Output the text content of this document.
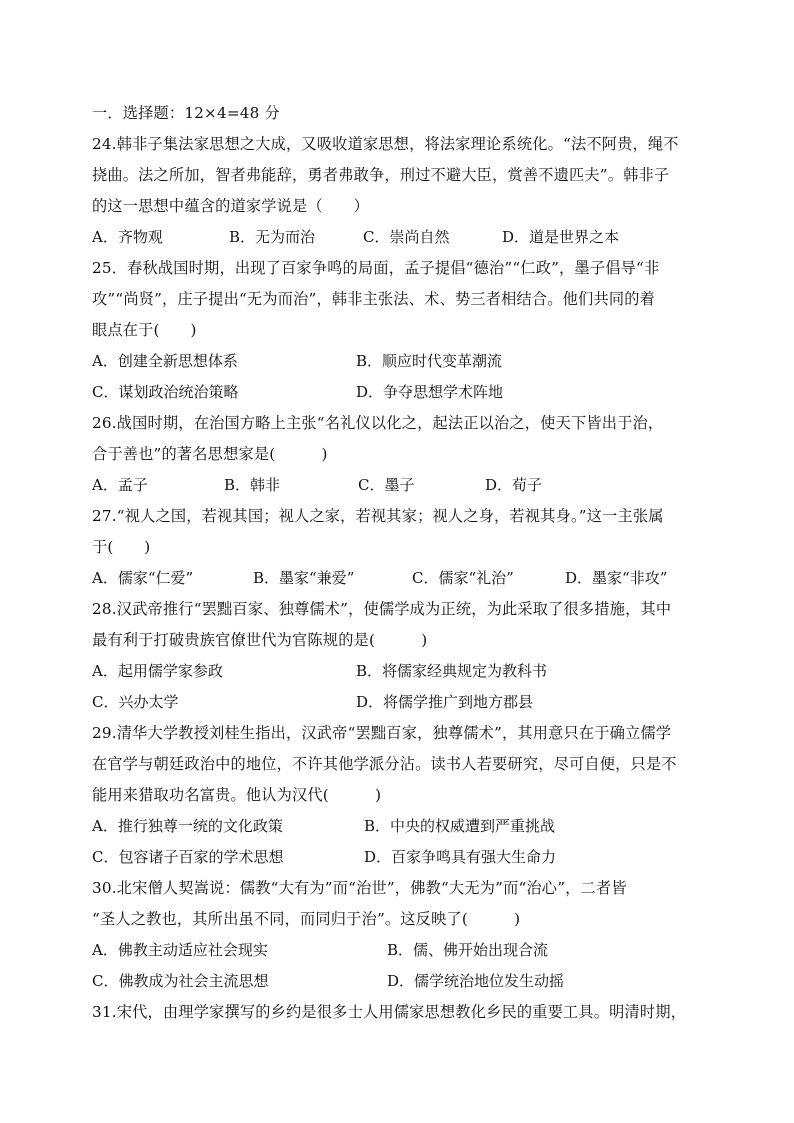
一．选择题：12×4=48 分
24.韩非子集法家思想之大成，又吸收道家思想，将法家理论系统化。“法不阿贵，绳不
挠曲。法之所加，智者弗能辞，勇者弗敢争，刑过不避大臣，赏善不遗匹夫”。韩非子
的这一思想中蕴含的道家学说是（　　）
A．齐物观	B．无为而治	C．崇尚自然	D．道是世界之本
25．春秋战国时期，出现了百家争鸣的局面，孟子提倡“德治”“仁政”，墨子倡导“非
攻”“尚贤”，庄子提出“无为而治”，韩非主张法、术、势三者相结合。他们共同的着
眼点在于(　　)
A．创建全新思想体系	B．顺应时代变革潮流
C．谋划政治统治策略	D．争夺思想学术阵地
26.战国时期，在治国方略上主张“名礼仪以化之，起法正以治之，使天下皆出于治，
合于善也”的著名思想家是(　　　)
A．孟子	B．韩非	C．墨子	D．荀子
27.“视人之国，若视其国；视人之家，若视其家；视人之身，若视其身。”这一主张属
于(　　)
A．儒家“仁爱”	B．墨家“兼爱”	C．儒家“礼治”	D．墨家“非攻”
28.汉武帝推行“罢黜百家、独尊儒术”，使儒学成为正统，为此采取了很多措施，其中
最有利于打破贵族官僚世代为官陈规的是(　　　)
A．起用儒学家参政	B．将儒家经典规定为教科书
C．兴办太学	D．将儒学推广到地方郡县
29.清华大学教授刘桂生指出，汉武帝“罢黜百家，独尊儒术”，其用意只在于确立儒学
在官学与朝廷政治中的地位，不许其他学派分沾。读书人若要研究，尽可自便，只是不
能用来猎取功名富贵。他认为汉代(　　　)
A．推行独尊一统的文化政策	B．中央的权威遭到严重挑战
C．包容诸子百家的学术思想	D．百家争鸣具有强大生命力
30.北宋僧人契嵩说：儒教“大有为”而“治世”，佛教“大无为”而“治心”，二者皆
“圣人之教也，其所出虽不同，而同归于治”。这反映了(　　　)
A．佛教主动适应社会现实	B．儒、佛开始出现合流
C．佛教成为社会主流思想	D．儒学统治地位发生动摇
31.宋代，由理学家撰写的乡约是很多士人用儒家思想教化乡民的重要工具。明清时期，
